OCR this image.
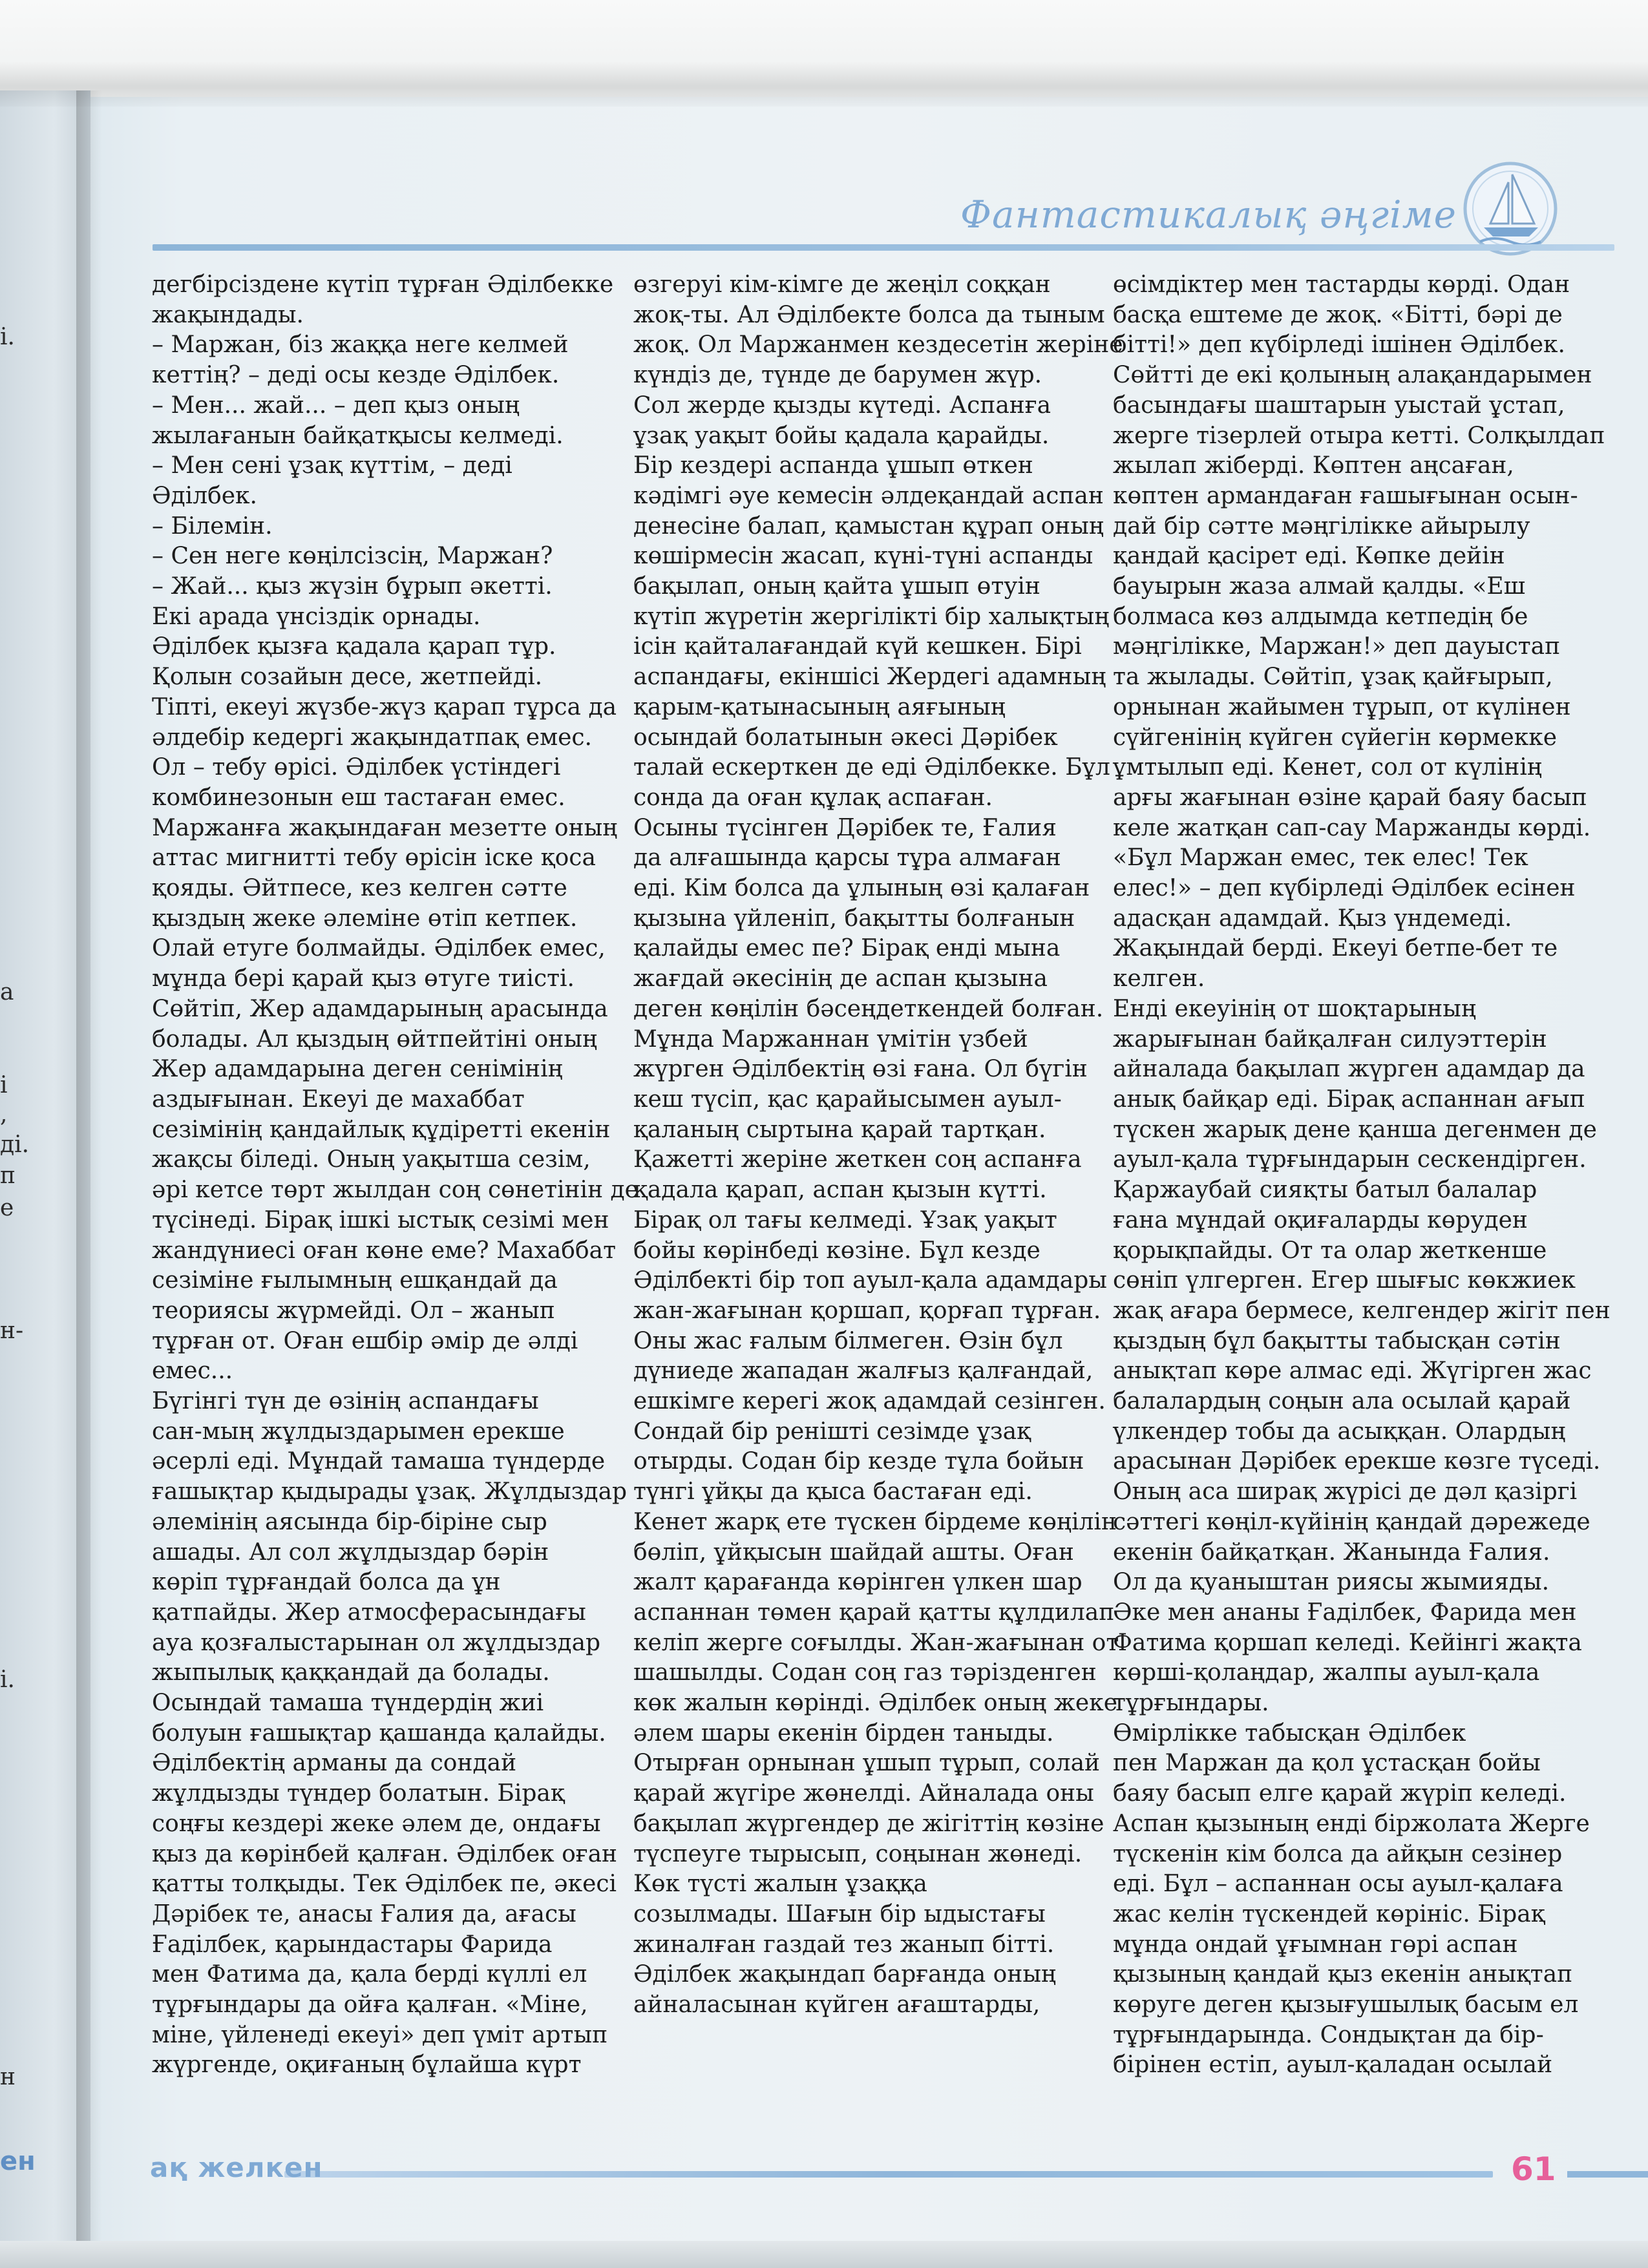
і.
а
і
,
ді.
п
е
н-
і.
н
ен
Фантастикалық әңгіме

дегбірсіздене күтіп тұрған Әділбекке

жақындады.

– Маржан, біз жаққа неге келмей

кеттің? – деді осы кезде Әділбек.

– Мен... жай... – деп қыз оның

жылағанын байқатқысы келмеді.

– Мен сені ұзақ күттім, – деді

Әділбек.

– Білемін.

– Сен неге көңілсізсің, Маржан?

– Жай... қыз жүзін бұрып әкетті.

Екі арада үнсіздік орнады.

Әділбек қызға қадала қарап тұр.

Қолын созайын десе, жетпейді.

Тіпті, екеуі жүзбе-жүз қарап тұрса да

әлдебір кедергі жақындатпақ емес.

Ол – тебу өрісі. Әділбек үстіндегі

комбинезонын еш тастаған емес.

Маржанға жақындаған мезетте оның

аттас мигнитті тебу өрісін іске қоса

қояды. Әйтпесе, кез келген сәтте

қыздың жеке әлеміне өтіп кетпек.

Олай етуге болмайды. Әділбек емес,

мұнда бері қарай қыз өтуге тиісті.

Сөйтіп, Жер адамдарының арасында

болады. Ал қыздың өйтпейтіні оның

Жер адамдарына деген сенімінің

аздығынан. Екеуі де махаббат

сезімінің қандайлық құдіретті екенін

жақсы біледі. Оның уақытша сезім,

әрі кетсе төрт жылдан соң сөнетінін де

түсінеді. Бірақ ішкі ыстық сезімі мен

жандүниесі оған көне еме? Махаббат

сезіміне ғылымның ешқандай да

теориясы жүрмейді. Ол – жанып

тұрған от. Оған ешбір әмір де әлді

емес...

Бүгінгі түн де өзінің аспандағы

сан-мың жұлдыздарымен ерекше

әсерлі еді. Мұндай тамаша түндерде

ғашықтар қыдырады ұзақ. Жұлдыздар

әлемінің аясында бір-біріне сыр

ашады. Ал сол жұлдыздар бәрін

көріп тұрғандай болса да ұн

қатпайды. Жер атмосферасындағы

ауа қозғалыстарынан ол жұлдыздар

жыпылық қаққандай да болады.

Осындай тамаша түндердің жиі

болуын ғашықтар қашанда қалайды.

Әділбектің арманы да сондай

жұлдызды түндер болатын. Бірақ

соңғы кездері жеке әлем де, ондағы

қыз да көрінбей қалған. Әділбек оған

қатты толқыды. Тек Әділбек пе, әкесі

Дәрібек те, анасы Ғалия да, ағасы

Ғаділбек, қарындастары Фарида

мен Фатима да, қала берді күллі ел

тұрғындары да ойға қалған. «Міне,

міне, үйленеді екеуі» деп үміт артып

жүргенде, оқиғаның бұлайша күрт

өзгеруі кім-кімге де жеңіл соққан

жоқ-ты. Ал Әділбекте болса да тыным

жоқ. Ол Маржанмен кездесетін жеріне

күндіз де, түнде де барумен жүр.

Сол жерде қызды күтеді. Аспанға

ұзақ уақыт бойы қадала қарайды.

Бір кездері аспанда ұшып өткен

кәдімгі әуе кемесін әлдеқандай аспан

денесіне балап, қамыстан құрап оның

көшірмесін жасап, күні-түні аспанды

бақылап, оның қайта ұшып өтуін

күтіп жүретін жергілікті бір халықтың

ісін қайталағандай күй кешкен. Бірі

аспандағы, екіншісі Жердегі адамның

қарым-қатынасының аяғының

осындай болатынын әкесі Дәрібек

талай ескерткен де еді Әділбекке. Бұл

сонда да оған құлақ аспаған.

Осыны түсінген Дәрібек те, Ғалия

да алғашында қарсы тұра алмаған

еді. Кім болса да ұлының өзі қалаған

қызына үйленіп, бақытты болғанын

қалайды емес пе? Бірақ енді мына

жағдай әкесінің де аспан қызына

деген көңілін бәсеңдеткендей болған.

Мұнда Маржаннан үмітін үзбей

жүрген Әділбектің өзі ғана. Ол бүгін

кеш түсіп, қас қарайысымен ауыл-

қаланың сыртына қарай тартқан.

Қажетті жеріне жеткен соң аспанға

қадала қарап, аспан қызын күтті.

Бірақ ол тағы келмеді. Ұзақ уақыт

бойы көрінбеді көзіне. Бұл кезде

Әділбекті бір топ ауыл-қала адамдары

жан-жағынан қоршап, қорғап тұрған.

Оны жас ғалым білмеген. Өзін бұл

дүниеде жападан жалғыз қалғандай,

ешкімге керегі жоқ адамдай сезінген.

Сондай бір реніштi сезімде ұзақ

отырды. Содан бір кезде тұла бойын

түнгі ұйқы да қыса бастаған еді.

Кенет жарқ ете түскен бірдеме көңілін

бөліп, ұйқысын шайдай ашты. Оған

жалт қарағанда көрінген үлкен шар

аспаннан төмен қарай қатты құлдилап

келіп жерге соғылды. Жан-жағынан от

шашылды. Содан соң газ тәрізденген

көк жалын көрінді. Әділбек оның жеке

әлем шары екенін бірден таныды.

Отырған орнынан ұшып тұрып, солай

қарай жүгіре жөнелді. Айналада оны

бақылап жүргендер де жігіттің көзіне

түспеуге тырысып, соңынан жөнеді.

Көк түсті жалын ұзаққа

созылмады. Шағын бір ыдыстағы

жиналған газдай тез жанып бітті.

Әділбек жақындап барғанда оның

айналасынан күйген ағаштарды,

өсімдіктер мен тастарды көрді. Одан

басқа ештеме де жоқ. «Бітті, бәрі де

бітті!» деп күбірледі ішінен Әділбек.

Сөйтті де екі қолының алақандарымен

басындағы шаштарын уыстай ұстап,

жерге тізерлей отыра кетті. Солқылдап

жылап жіберді. Көптен аңсаған,

көптен армандаған ғашығынан осын-

дай бір сәтте мәңгілікке айырылу

қандай қасірет еді. Көпке дейін

бауырын жаза алмай қалды. «Еш

болмаса көз алдымда кетпедің бе

мәңгілікке, Маржан!» деп дауыстап

та жылады. Сөйтіп, ұзақ қайғырып,

орнынан жайымен тұрып, от күлінен

сүйгенінің күйген сүйегін көрмекке

ұмтылып еді. Кенет, сол от күлінің

арғы жағынан өзіне қарай баяу басып

келе жатқан сап-сау Маржанды көрді.

«Бұл Маржан емес, тек елес! Тек

елес!» – деп күбірледі Әділбек есінен

адасқан адамдай. Қыз үндемеді.

Жақындай берді. Екеуі бетпе-бет те

келген.

Енді екеуінің от шоқтарының

жарығынан байқалған силуэттерін

айналада бақылап жүрген адамдар да

анық байқар еді. Бірақ аспаннан ағып

түскен жарық дене қанша дегенмен де

ауыл-қала тұрғындарын сескендірген.

Қаржаубай сияқты батыл балалар

ғана мұндай оқиғаларды көруден

қорықпайды. От та олар жеткенше

сөніп үлгерген. Егер шығыс көкжиек

жақ ағара бермесе, келгендер жігіт пен

қыздың бұл бақытты табысқан сәтін

анықтап көре алмас еді. Жүгірген жас

балалардың соңын ала осылай қарай

үлкендер тобы да асыққан. Олардың

арасынан Дәрібек ерекше көзге түседі.

Оның аса ширақ жүрісі де дәл қазіргі

сәттегі көңіл-күйінің қандай дәрежеде

екенін байқатқан. Жанында Ғалия.

Ол да қуаныштан риясы жымияды.

Әке мен ананы Ғаділбек, Фарида мен

Фатима қоршап келеді. Кейінгі жақта

көрші-қолаңдар, жалпы ауыл-қала

тұрғындары.

Өмірлікке табысқан Әділбек

пен Маржан да қол ұстасқан бойы

баяу басып елге қарай жүріп келеді.

Аспан қызының енді біржолата Жерге

түскенін кім болса да айқын сезінер

еді. Бұл – аспаннан осы ауыл-қалаға

жас келін түскендей көрініс. Бірақ

мұнда ондай ұғымнан гөрі аспан

қызының қандай қыз екенін анықтап

көруге деген қызығушылық басым ел

тұрғындарында. Сондықтан да бір-

бірінен естіп, ауыл-қаладан осылай

ақ желкен	61
